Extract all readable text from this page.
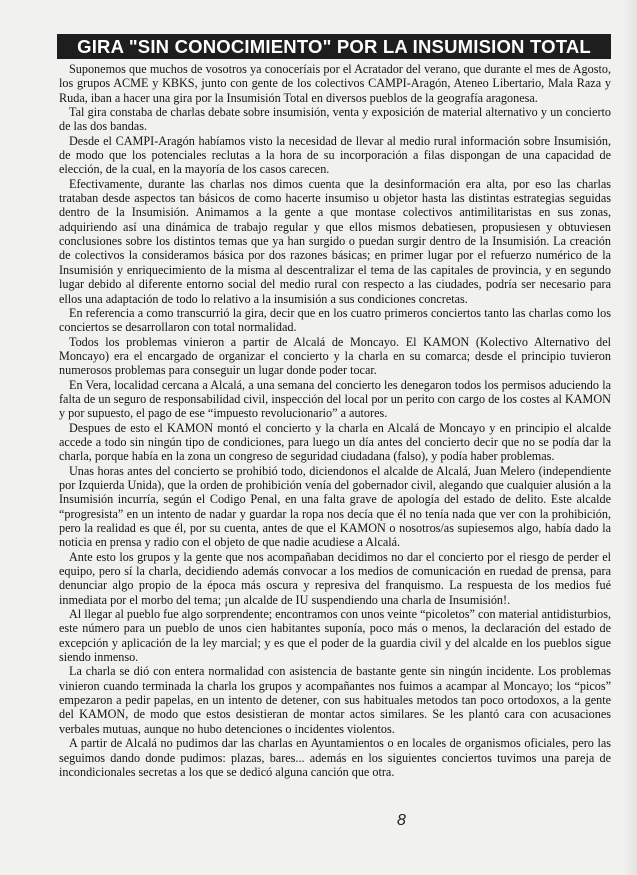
GIRA "SIN CONOCIMIENTO" POR LA INSUMISION TOTAL

Suponemos que muchos de vosotros ya conoceríais por el Acratador del verano, que durante el mes de Agosto, los grupos ACME y KBKS, junto con gente de los colectivos CAMPI-Aragón, Ateneo Libertario, Mala Raza y Ruda, iban a hacer una gira por la Insumisión Total en diversos pueblos de la geografía aragonesa.

Tal gira constaba de charlas debate sobre insumisión, venta y exposición de material alternativo y un concierto de las dos bandas.

Desde el CAMPI-Aragón habíamos visto la necesidad de llevar al medio rural información sobre Insumisión, de modo que los potenciales reclutas a la hora de su incorporación a filas dispongan de una capacidad de elección, de la cual, en la mayoría de los casos carecen.

Efectivamente, durante las charlas nos dimos cuenta que la desinformación era alta, por eso las charlas trataban desde aspectos tan básicos de como hacerte insumiso u objetor hasta las distintas estrategias seguidas dentro de la Insumisión. Animamos a la gente a que montase colectivos antimilitaristas en sus zonas, adquiriendo así una dinámica de trabajo regular y que ellos mismos debatiesen, propusiesen y obtuviesen conclusiones sobre los distintos temas que ya han surgido o puedan surgir dentro de la Insumisión. La creación de colectivos la consideramos básica por dos razones básicas; en primer lugar por el refuerzo numérico de la Insumisión y enriquecimiento de la misma al descentralizar el tema de las capitales de provincia, y en segundo lugar debido al diferente entorno social del medio rural con respecto a las ciudades, podría ser necesario para ellos una adaptación de todo lo relativo a la insumisión a sus condiciones concretas.

En referencia a como transcurrió la gira, decir que en los cuatro primeros conciertos tanto las charlas como los conciertos se desarrollaron con total normalidad.

Todos los problemas vinieron a partir de Alcalá de Moncayo. El KAMON (Kolectivo Alternativo del Moncayo) era el encargado de organizar el concierto y la charla en su comarca; desde el principio tuvieron numerosos problemas para conseguir un lugar donde poder tocar.

En Vera, localidad cercana a Alcalá, a una semana del concierto les denegaron todos los permisos aduciendo la falta de un seguro de responsabilidad civil, inspección del local por un perito con cargo de los costes al KAMON y por supuesto, el pago de ese “impuesto revolucionario” a autores.

Despues de esto el KAMON montó el concierto y la charla en Alcalá de Moncayo y en principio el alcalde accede a todo sin ningún tipo de condiciones, para luego un día antes del concierto decir que no se podía dar la charla, porque había en la zona un congreso de seguridad ciudadana (falso), y podía haber problemas.

Unas horas antes del concierto se prohibió todo, diciendonos el alcalde de Alcalá, Juan Melero (independiente por Izquierda Unida), que la orden de prohibición venía del gobernador civil, alegando que cualquier alusión a la Insumisión incurría, según el Codigo Penal, en una falta grave de apología del estado de delito. Este alcalde “progresista” en un intento de nadar y guardar la ropa nos decía que él no tenía nada que ver con la prohibición, pero la realidad es que él, por su cuenta, antes de que el KAMON o nosotros/as supiesemos algo, había dado la noticia en prensa y radio con el objeto de que nadie acudiese a Alcalá.

Ante esto los grupos y la gente que nos acompañaban decidimos no dar el concierto por el riesgo de perder el equipo, pero sí la charla, decidiendo además convocar a los medios de comunicación en ruedad de prensa, para denunciar algo propio de la época más oscura y represiva del franquismo. La respuesta de los medios fué inmediata por el morbo del tema; ¡un alcalde de IU suspendiendo una charla de Insumisión!.

Al llegar al pueblo fue algo sorprendente; encontramos con unos veinte “picoletos” con material antidisturbios, este número para un pueblo de unos cien habitantes suponía, poco más o menos, la declaración del estado de excepción y aplicación de la ley marcial; y es que el poder de la guardia civil y del alcalde en los pueblos sigue siendo inmenso.

La charla se dió con entera normalidad con asistencia de bastante gente sin ningún incidente. Los problemas vinieron cuando terminada la charla los grupos y acompañantes nos fuimos a acampar al Moncayo; los “picos” empezaron a pedir papelas, en un intento de detener, con sus habituales metodos tan poco ortodoxos, a la gente del KAMON, de modo que estos desistieran de montar actos similares. Se les plantó cara con acusaciones verbales mutuas, aunque no hubo detenciones o incidentes violentos.

A partir de Alcalá no pudimos dar las charlas en Ayuntamientos o en locales de organismos oficiales, pero las seguimos dando donde pudimos: plazas, bares... además en los siguientes conciertos tuvimos una pareja de incondicionales secretas a los que se dedicó alguna canción que otra.

8
